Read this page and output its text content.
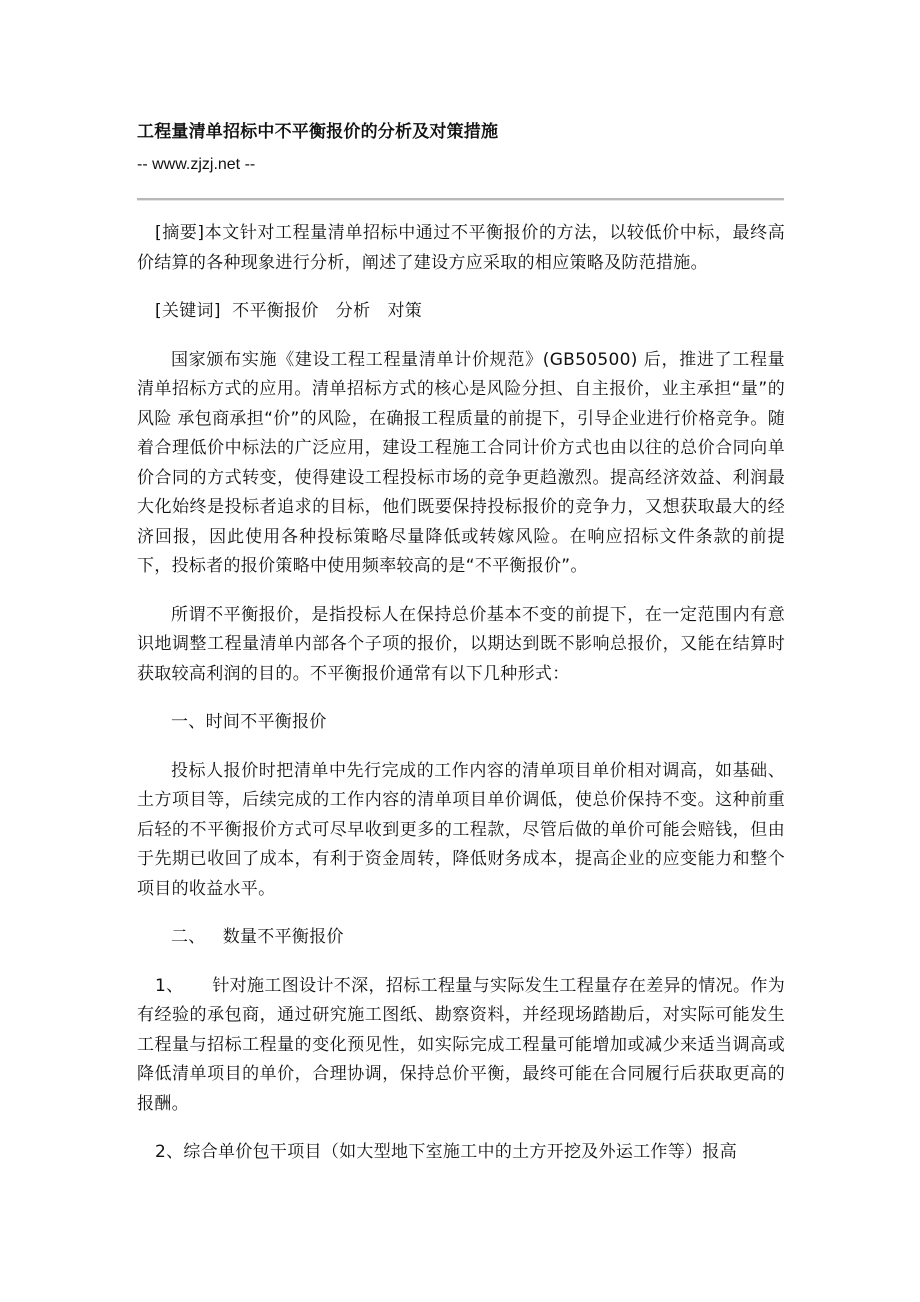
工程量清单招标中不平衡报价的分析及对策措施
-- www.zjzj.net --

[摘要]本文针对工程量清单招标中通过不平衡报价的方法，以较低价中标，最终高价结算的各种现象进行分析，阐述了建设方应采取的相应策略及防范措施。

[关键词]  不平衡报价   分析   对策

国家颁布实施《建设工程工程量清单计价规范》(GB50500) 后，推进了工程量清单招标方式的应用。清单招标方式的核心是风险分担、自主报价，业主承担“量”的风险 承包商承担“价”的风险，在确报工程质量的前提下，引导企业进行价格竞争。随着合理低价中标法的广泛应用，建设工程施工合同计价方式也由以往的总价合同向单价合同的方式转变，使得建设工程投标市场的竞争更趋激烈。提高经济效益、利润最大化始终是投标者追求的目标，他们既要保持投标报价的竞争力，又想获取最大的经济回报，因此使用各种投标策略尽量降低或转嫁风险。在响应招标文件条款的前提下，投标者的报价策略中使用频率较高的是“不平衡报价”。

所谓不平衡报价，是指投标人在保持总价基本不变的前提下，在一定范围内有意识地调整工程量清单内部各个子项的报价，以期达到既不影响总报价，又能在结算时获取较高利润的目的。不平衡报价通常有以下几种形式：

一、时间不平衡报价

投标人报价时把清单中先行完成的工作内容的清单项目单价相对调高，如基础、土方项目等，后续完成的工作内容的清单项目单价调低，使总价保持不变。这种前重后轻的不平衡报价方式可尽早收到更多的工程款，尽管后做的单价可能会赔钱，但由于先期已收回了成本，有利于资金周转，降低财务成本，提高企业的应变能力和整个项目的收益水平。

二、   数量不平衡报价

1、     针对施工图设计不深，招标工程量与实际发生工程量存在差异的情况。作为有经验的承包商，通过研究施工图纸、勘察资料，并经现场踏勘后，对实际可能发生工程量与招标工程量的变化预见性，如实际完成工程量可能增加或减少来适当调高或降低清单项目的单价，合理协调，保持总价平衡，最终可能在合同履行后获取更高的报酬。

2、综合单价包干项目（如大型地下室施工中的土方开挖及外运工作等）报高
